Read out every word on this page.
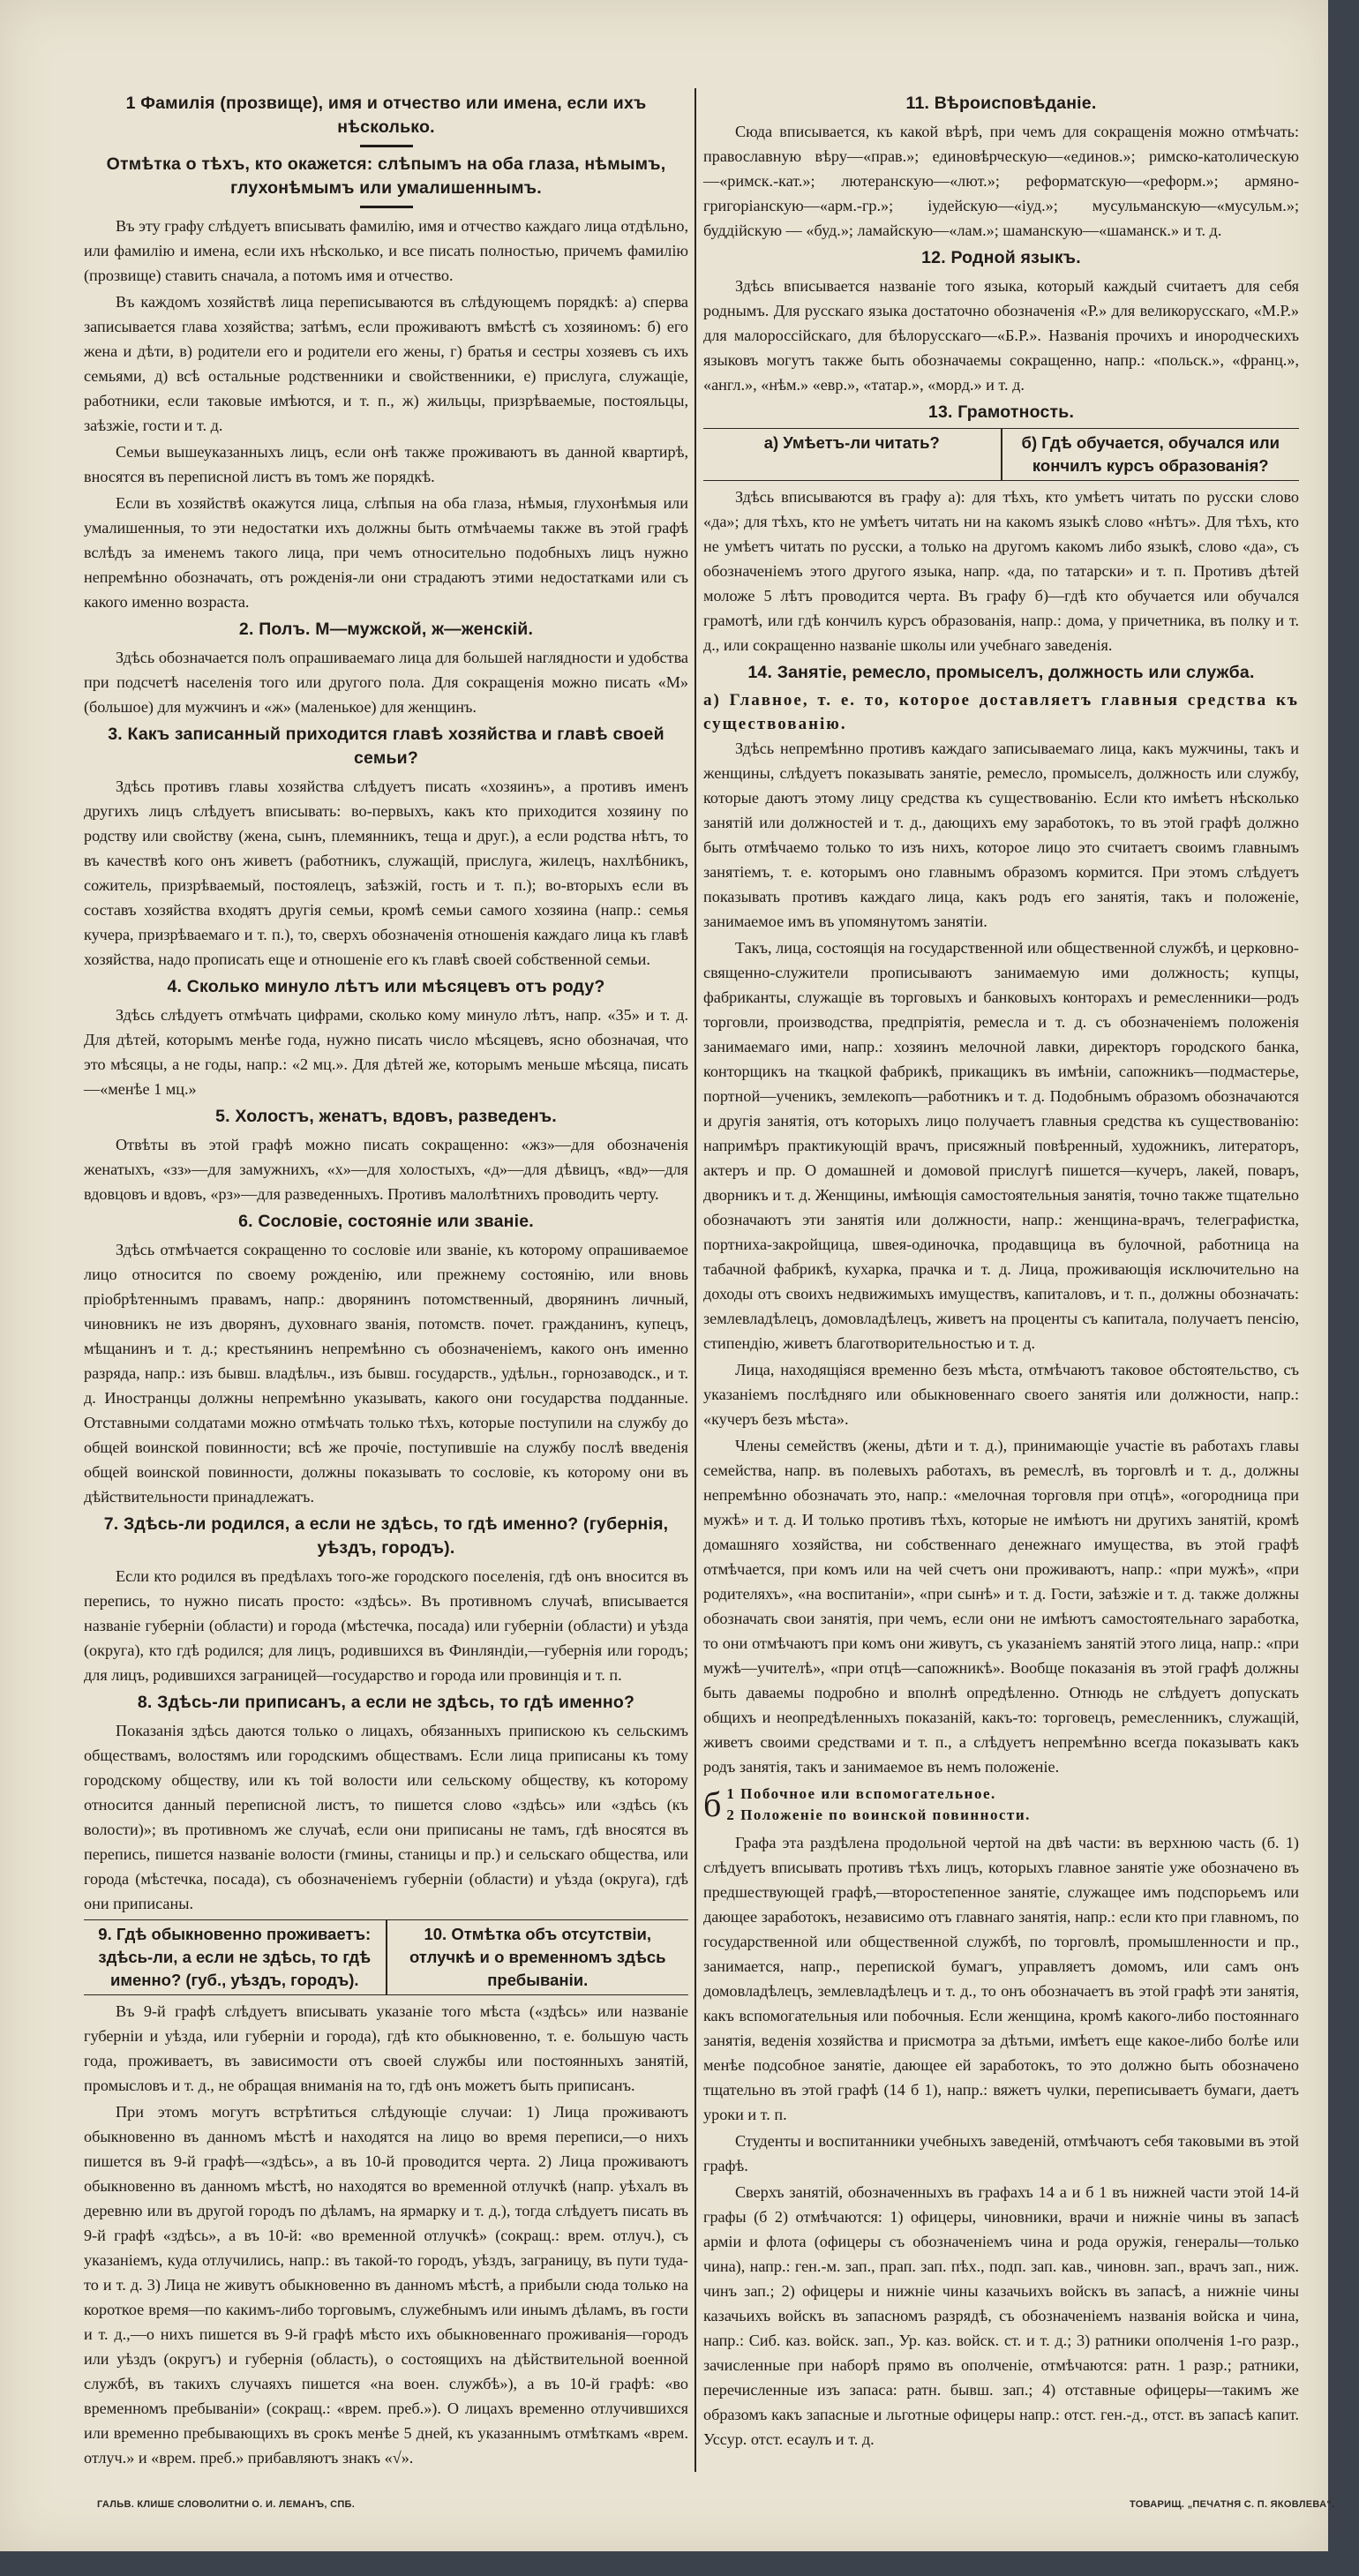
1 Фамилія (прозвище), имя и отчество или имена, если ихъ нѣсколько.
Отмѣтка о тѣхъ, кто окажется: слѣпымъ на оба глаза, нѣмымъ, глухонѣмымъ или умалишеннымъ.

Въ эту графу слѣдуетъ вписывать фамилію, имя и отчество каждаго лица отдѣльно, или фамилію и имена, если ихъ нѣсколько, и все писать полностью, причемъ фамилію (прозвище) ставить сначала, а потомъ имя и отчество.

Въ каждомъ хозяйствѣ лица переписываются въ слѣдующемъ порядкѣ: а) сперва записывается глава хозяйства; затѣмъ, если проживаютъ вмѣстѣ съ хозяиномъ: б) его жена и дѣти, в) родители его и родители его жены, г) братья и сестры хозяевъ съ ихъ семьями, д) всѣ остальные родственники и свойственники, е) прислуга, служащіе, работники, если таковые имѣются, и т. п., ж) жильцы, призрѣваемые, постояльцы, заѣзжіе, гости и т. д.

Семьи вышеуказанныхъ лицъ, если онѣ также проживаютъ въ данной квартирѣ, вносятся въ переписной листъ въ томъ же порядкѣ.

Если въ хозяйствѣ окажутся лица, слѣпыя на оба глаза, нѣмыя, глухонѣмыя или умалишенныя, то эти недостатки ихъ должны быть отмѣчаемы также въ этой графѣ вслѣдъ за именемъ такого лица, при чемъ относительно подобныхъ лицъ нужно непремѣнно обозначать, отъ рожденія-ли они страдаютъ этими недостатками или съ какого именно возраста.

2. Полъ. М—мужской, ж—женскій.

Здѣсь обозначается полъ опрашиваемаго лица для большей наглядности и удобства при подсчетѣ населенія того или другого пола. Для сокращенія можно писать «М» (большое) для мужчинъ и «ж» (маленькое) для женщинъ.

3. Какъ записанный приходится главѣ хозяйства и главѣ своей семьи?

Здѣсь противъ главы хозяйства слѣдуетъ писать «хозяинъ», а противъ именъ другихъ лицъ слѣдуетъ вписывать: во-первыхъ, какъ кто приходится хозяину по родству или свойству (жена, сынъ, племянникъ, теща и друг.), а если родства нѣтъ, то въ качествѣ кого онъ живетъ (работникъ, служащій, прислуга, жилецъ, нахлѣбникъ, сожитель, призрѣваемый, постоялецъ, заѣзжій, гость и т. п.); во-вторыхъ если въ составъ хозяйства входятъ другія семьи, кромѣ семьи самого хозяина (напр.: семья кучера, призрѣваемаго и т. п.), то, сверхъ обозначенія отношенія каждаго лица къ главѣ хозяйства, надо прописать еще и отношеніе его къ главѣ своей собственной семьи.

4. Сколько минуло лѣтъ или мѣсяцевъ отъ роду?

Здѣсь слѣдуетъ отмѣчать цифрами, сколько кому минуло лѣтъ, напр. «35» и т. д. Для дѣтей, которымъ менѣе года, нужно писать число мѣсяцевъ, ясно обозначая, что это мѣсяцы, а не годы, напр.: «2 мц.». Для дѣтей же, которымъ меньше мѣсяца, писать—«менѣе 1 мц.»

5. Холостъ, женатъ, вдовъ, разведенъ.

Отвѣты въ этой графѣ можно писать сокращенно: «жз»—для обозначенія женатыхъ, «зз»—для замужнихъ, «х»—для холостыхъ, «д»—для дѣвицъ, «вд»—для вдовцовъ и вдовъ, «рз»—для разведенныхъ. Противъ малолѣтнихъ проводить черту.

6. Сословіе, состояніе или званіе.

Здѣсь отмѣчается сокращенно то сословіе или званіе, къ которому опрашиваемое лицо относится по своему рожденію, или прежнему состоянію, или вновь пріобрѣтеннымъ правамъ, напр.: дворянинъ потомственный, дворянинъ личный, чиновникъ не изъ дворянъ, духовнаго званія, потомств. почет. гражданинъ, купецъ, мѣщанинъ и т. д.; крестьянинъ непремѣнно съ обозначеніемъ, какого онъ именно разряда, напр.: изъ бывш. владѣльч., изъ бывш. государств., удѣльн., горнозаводск., и т. д. Иностранцы должны непремѣнно указывать, какого они государства подданные. Отставными солдатами можно отмѣчать только тѣхъ, которые поступили на службу до общей воинской повинности; всѣ же прочіе, поступившіе на службу послѣ введенія общей воинской повинности, должны показывать то сословіе, къ которому они въ дѣйствительности принадлежатъ.

7. Здѣсь-ли родился, а если не здѣсь, то гдѣ именно? (губернія, уѣздъ, городъ).

Если кто родился въ предѣлахъ того-же городского поселенія, гдѣ онъ вносится въ перепись, то нужно писать просто: «здѣсь». Въ противномъ случаѣ, вписывается названіе губерніи (области) и города (мѣстечка, посада) или губерніи (области) и уѣзда (округа), кто гдѣ родился; для лицъ, родившихся въ Финляндіи,—губернія или городъ; для лицъ, родившихся заграницей—государство и города или провинція и т. п.

8. Здѣсь-ли приписанъ, а если не здѣсь, то гдѣ именно?

Показанія здѣсь даются только о лицахъ, обязанныхъ припискою къ сельскимъ обществамъ, волостямъ или городскимъ обществамъ. Если лица приписаны къ тому городскому обществу, или къ той волости или сельскому обществу, къ которому относится данный переписной листъ, то пишется слово «здѣсь» или «здѣсь (къ волости)»; въ противномъ же случаѣ, если они приписаны не тамъ, гдѣ вносятся въ перепись, пишется названіе волости (гмины, станицы и пр.) и сельскаго общества, или города (мѣстечка, посада), съ обозначеніемъ губерніи (области) и уѣзда (округа), гдѣ они приписаны.

9. Гдѣ обыкновенно проживаетъ: здѣсь-ли, а если не здѣсь, то гдѣ именно? (губ., уѣздъ, городъ).
10. Отмѣтка объ отсутствіи, отлучкѣ и о временномъ здѣсь пребываніи.

Въ 9-й графѣ слѣдуетъ вписывать указаніе того мѣста («здѣсь» или названіе губерніи и уѣзда, или губерніи и города), гдѣ кто обыкновенно, т. е. большую часть года, проживаетъ, въ зависимости отъ своей службы или постоянныхъ занятій, промысловъ и т. д., не обращая вниманія на то, гдѣ онъ можетъ быть приписанъ.

При этомъ могутъ встрѣтиться слѣдующіе случаи: 1) Лица проживаютъ обыкновенно въ данномъ мѣстѣ и находятся на лицо во время переписи,—о нихъ пишется въ 9-й графѣ—«здѣсь», а въ 10-й проводится черта. 2) Лица проживаютъ обыкновенно въ данномъ мѣстѣ, но находятся во временной отлучкѣ (напр. уѣхалъ въ деревню или въ другой городъ по дѣламъ, на ярмарку и т. д.), тогда слѣдуетъ писать въ 9-й графѣ «здѣсь», а въ 10-й: «во временной отлучкѣ» (сокращ.: врем. отлуч.), съ указаніемъ, куда отлучились, напр.: въ такой-то городъ, уѣздъ, заграницу, въ пути туда-то и т. д. 3) Лица не живутъ обыкновенно въ данномъ мѣстѣ, а прибыли сюда только на короткое время—по какимъ-либо торговымъ, служебнымъ или инымъ дѣламъ, въ гости и т. д.,—о нихъ пишется въ 9-й графѣ мѣсто ихъ обыкновеннаго проживанія—городъ или уѣздъ (округъ) и губернія (область), о состоящихъ на дѣйствительной военной службѣ, въ такихъ случаяхъ пишется «на воен. службѣ»), а въ 10-й графѣ: «во временномъ пребываніи» (сокращ.: «врем. преб.»). О лицахъ временно отлучившихся или временно пребывающихъ въ срокъ менѣе 5 дней, къ указаннымъ отмѣткамъ «врем. отлуч.» и «врем. преб.» прибавляютъ знакъ «√».

11. Вѣроисповѣданіе.

Сюда вписывается, къ какой вѣрѣ, при чемъ для сокращенія можно отмѣчать: православную вѣру—«прав.»; единовѣрческую—«единов.»; римско-католическую—«римск.-кат.»; лютеранскую—«лют.»; реформатскую—«реформ.»; армяно-григоріанскую—«арм.-гр.»; іудейскую—«іуд.»; мусульманскую—«мусульм.»; буддійскую — «буд.»; ламайскую—«лам.»; шаманскую—«шаманск.» и т. д.

12. Родной языкъ.

Здѣсь вписывается названіе того языка, который каждый считаетъ для себя роднымъ. Для русскаго языка достаточно обозначенія «Р.» для великорусскаго, «М.Р.» для малороссійскаго, для бѣлорусскаго—«Б.Р.». Названія прочихъ и инородческихъ языковъ могутъ также быть обозначаемы сокращенно, напр.: «польск.», «франц.», «англ.», «нѣм.» «евр.», «татар.», «морд.» и т. д.

13. Грамотность.
а) Умѣетъ-ли читать?	б) Гдѣ обучается, обучался или кончилъ курсъ образованія?

Здѣсь вписываются въ графу а): для тѣхъ, кто умѣетъ читать по русски слово «да»; для тѣхъ, кто не умѣетъ читать ни на какомъ языкѣ слово «нѣтъ». Для тѣхъ, кто не умѣетъ читать по русски, а только на другомъ какомъ либо языкѣ, слово «да», съ обозначеніемъ этого другого языка, напр. «да, по татарски» и т. п. Противъ дѣтей моложе 5 лѣтъ проводится черта. Въ графу б)—гдѣ кто обучается или обучался грамотѣ, или гдѣ кончилъ курсъ образованія, напр.: дома, у причетника, въ полку и т. д., или сокращенно названіе школы или учебнаго заведенія.

14. Занятіе, ремесло, промыселъ, должность или служба.
а) Главное, т. е. то, которое доставляетъ главныя средства къ существованію.

Здѣсь непремѣнно противъ каждаго записываемаго лица, какъ мужчины, такъ и женщины, слѣдуетъ показывать занятіе, ремесло, промыселъ, должность или службу, которые даютъ этому лицу средства къ существованію. Если кто имѣетъ нѣсколько занятій или должностей и т. д., дающихъ ему заработокъ, то въ этой графѣ должно быть отмѣчаемо только то изъ нихъ, которое лицо это считаетъ своимъ главнымъ занятіемъ, т. е. которымъ оно главнымъ образомъ кормится. При этомъ слѣдуетъ показывать противъ каждаго лица, какъ родъ его занятія, такъ и положеніе, занимаемое имъ въ упомянутомъ занятіи.

Такъ, лица, состоящія на государственной или общественной службѣ, и церковно-священно-служители прописываютъ занимаемую ими должность; купцы, фабриканты, служащіе въ торговыхъ и банковыхъ конторахъ и ремесленники—родъ торговли, производства, предпріятія, ремесла и т. д. съ обозначеніемъ положенія занимаемаго ими, напр.: хозяинъ мелочной лавки, директоръ городского банка, конторщикъ на ткацкой фабрикѣ, прикащикъ въ имѣніи, сапожникъ—подмастерье, портной—ученикъ, землекопъ—работникъ и т. д. Подобнымъ образомъ обозначаются и другія занятія, отъ которыхъ лицо получаетъ главныя средства къ существованію: напримѣръ практикующій врачъ, присяжный повѣренный, художникъ, литераторъ, актеръ и пр. О домашней и домовой прислугѣ пишется—кучеръ, лакей, поваръ, дворникъ и т. д. Женщины, имѣющія самостоятельныя занятія, точно также тщательно обозначаютъ эти занятія или должности, напр.: женщина-врачъ, телеграфистка, портниха-закройщица, швея-одиночка, продавщица въ булочной, работница на табачной фабрикѣ, кухарка, прачка и т. д. Лица, проживающія исключительно на доходы отъ своихъ недвижимыхъ имуществъ, капиталовъ, и т. п., должны обозначать: землевладѣлецъ, домовладѣлецъ, живетъ на проценты съ капитала, получаетъ пенсію, стипендію, живетъ благотворительностью и т. д.

Лица, находящіяся временно безъ мѣста, отмѣчаютъ таковое обстоятельство, съ указаніемъ послѣдняго или обыкновеннаго своего занятія или должности, напр.: «кучеръ безъ мѣста».

Члены семействъ (жены, дѣти и т. д.), принимающіе участіе въ работахъ главы семейства, напр. въ полевыхъ работахъ, въ ремеслѣ, въ торговлѣ и т. д., должны непремѣнно обозначать это, напр.: «мелочная торговля при отцѣ», «огородница при мужѣ» и т. д. И только противъ тѣхъ, которые не имѣютъ ни другихъ занятій, кромѣ домашняго хозяйства, ни собственнаго денежнаго имущества, въ этой графѣ отмѣчается, при комъ или на чей счетъ они проживаютъ, напр.: «при мужѣ», «при родителяхъ», «на воспитаніи», «при сынѣ» и т. д. Гости, заѣзжіе и т. д. также должны обозначать свои занятія, при чемъ, если они не имѣютъ самостоятельнаго заработка, то они отмѣчаютъ при комъ они живутъ, съ указаніемъ занятій этого лица, напр.: «при мужѣ—учителѣ», «при отцѣ—сапожникѣ». Вообще показанія въ этой графѣ должны быть даваемы подробно и вполнѣ опредѣленно. Отнюдь не слѣдуетъ допускать общихъ и неопредѣленныхъ показаній, какъ-то: торговецъ, ремесленникъ, служащій, живетъ своими средствами и т. п., а слѣдуетъ непремѣнно всегда показывать какъ родъ занятія, такъ и занимаемое въ немъ положеніе.

б 1 Побочное или вспомогательное.
2 Положеніе по воинской повинности.

Графа эта раздѣлена продольной чертой на двѣ части: въ верхнюю часть (б. 1) слѣдуетъ вписывать противъ тѣхъ лицъ, которыхъ главное занятіе уже обозначено въ предшествующей графѣ,—второстепенное занятіе, служащее имъ подспорьемъ или дающее заработокъ, независимо отъ главнаго занятія, напр.: если кто при главномъ, по государственной или общественной службѣ, по торговлѣ, промышленности и пр., занимается, напр., перепиской бумагъ, управляетъ домомъ, или самъ онъ домовладѣлецъ, землевладѣлецъ и т. д., то онъ обозначаетъ въ этой графѣ эти занятія, какъ вспомогательныя или побочныя. Если женщина, кромѣ какого-либо постояннаго занятія, веденія хозяйства и присмотра за дѣтьми, имѣетъ еще какое-либо болѣе или менѣе подсобное занятіе, дающее ей заработокъ, то это должно быть обозначено тщательно въ этой графѣ (14 б 1), напр.: вяжетъ чулки, переписываетъ бумаги, даетъ уроки и т. п.

Студенты и воспитанники учебныхъ заведеній, отмѣчаютъ себя таковыми въ этой графѣ.

Сверхъ занятій, обозначенныхъ въ графахъ 14 а и б 1 въ нижней части этой 14-й графы (б 2) отмѣчаются: 1) офицеры, чиновники, врачи и нижніе чины въ запасѣ арміи и флота (офицеры съ обозначеніемъ чина и рода оружія, генералы—только чина), напр.: ген.-м. зап., прап. зап. пѣх., подп. зап. кав., чиновн. зап., врачъ зап., ниж. чинъ зап.; 2) офицеры и нижніе чины казачьихъ войскъ въ запасѣ, а нижніе чины казачьихъ войскъ въ запасномъ разрядѣ, съ обозначеніемъ названія войска и чина, напр.: Сиб. каз. войск. зап., Ур. каз. войск. ст. и т. д.; 3) ратники ополченія 1-го разр., зачисленные при наборѣ прямо въ ополченіе, отмѣчаются: ратн. 1 разр.; ратники, перечисленные изъ запаса: ратн. бывш. зап.; 4) отставные офицеры—такимъ же образомъ какъ запасные и льготные офицеры напр.: отст. ген.-д., отст. въ запасѣ капит. Уссур. отст. есаулъ и т. д.

ГАЛЬВ. КЛИШЕ СЛОВОЛИТНИ О. И. ЛЕМАНЪ, СПБ.	ТОВАРИЩ. „ПЕЧАТНЯ С. П. ЯКОВЛЕВА“.
